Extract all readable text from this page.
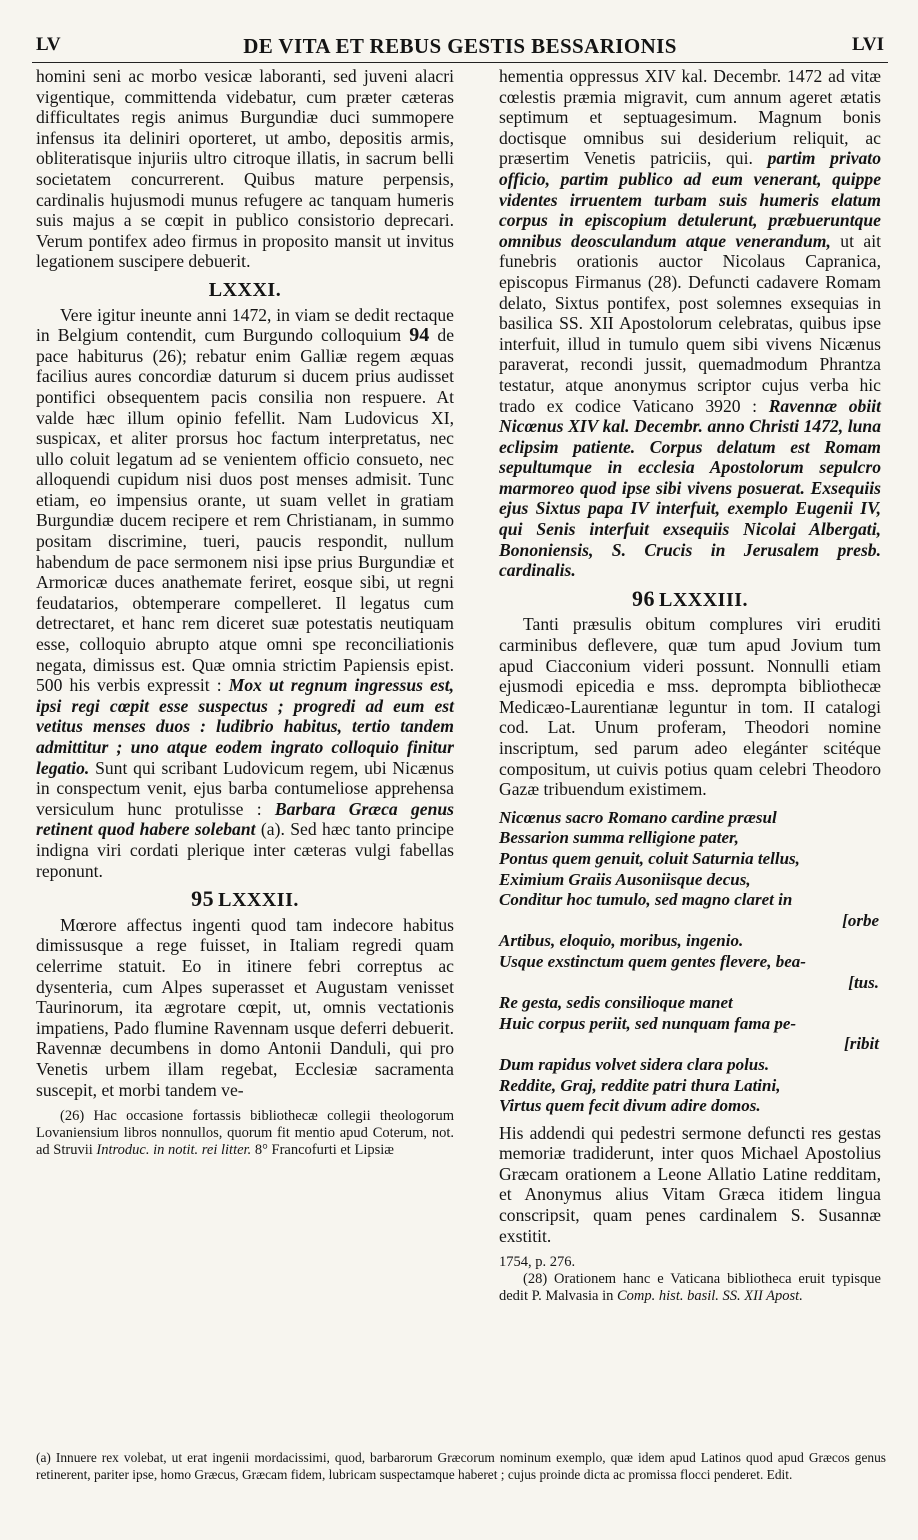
LV	DE VITA ET REBUS GESTIS BESSARIONIS	LVI

homini seni ac morbo vesicæ laboranti, sed juveni alacri vigentique, committenda videbatur, cum præter cæteras difficultates regis animus Burgundiæ duci summopere infensus ita deliniri oporteret, ut ambo, depositis armis, obliteratisque injuriis ultro citroque illatis, in sacrum belli societatem concurrerent. Quibus mature perpensis, cardinalis hujusmodi munus refugere ac tanquam humeris suis majus a se cœpit in publico consistorio deprecari. Verum pontifex adeo firmus in proposito mansit ut invitus legationem suscipere debuerit.

LXXXI.

Vere igitur ineunte anni 1472, in viam se dedit rectaque in Belgium contendit, cum Burgundo colloquium 94 de pace habiturus (26); rebatur enim Galliæ regem æquas facilius aures concordiæ daturum si ducem prius audisset pontifici obsequentem pacis consilia non respuere. At valde hæc illum opinio fefellit. Nam Ludovicus XI, suspicax, et aliter prorsus hoc factum interpretatus, nec ullo coluit legatum ad se venientem officio consueto, nec alloquendi cupidum nisi duos post menses admisit. Tunc etiam, eo impensius orante, ut suam vellet in gratiam Burgundiæ ducem recipere et rem Christianam, in summo positam discrimine, tueri, paucis respondit, nullum habendum de pace sermonem nisi ipse prius Burgundiæ et Armoricæ duces anathemate feriret, eosque sibi, ut regni feudatarios, obtemperare compelleret. Il legatus cum detrectaret, et hanc rem diceret suæ potestatis neutiquam esse, colloquio abrupto atque omni spe reconciliationis negata, dimissus est. Quæ omnia strictim Papiensis epist. 500 his verbis expressit : Mox ut regnum ingressus est, ipsi regi cœpit esse suspectus ; progredi ad eum est vetitus menses duos : ludibrio habitus, tertio tandem admittitur ; uno atque eodem ingrato colloquio finitur legatio. Sunt qui scribant Ludovicum regem, ubi Nicænus in conspectum venit, ejus barba contumeliose apprehensa versiculum hunc protulisse : Barbara Græca genus retinent quod habere solebant (a). Sed hæc tanto principe indigna viri cordati plerique inter cæteras vulgi fabellas reponunt.

95 LXXXII.

Mœrore affectus ingenti quod tam indecore habitus dimissusque a rege fuisset, in Italiam regredi quam celerrime statuit. Eo in itinere febri correptus ac dysenteria, cum Alpes superasset et Augustam venisset Taurinorum, ita ægrotare cœpit, ut, omnis vectationis impatiens, Pado flumine Ravennam usque deferri debuerit. Ravennæ decumbens in domo Antonii Danduli, qui pro Venetis urbem illam regebat, Ecclesiæ sacramenta suscepit, et morbi tandem ve-

(26) Hac occasione fortassis bibliothecæ collegii theologorum Lovaniensium libros nonnullos, quorum fit mentio apud Coterum, not. ad Struvii Introduc. in notit. rei litter. 8° Francofurti et Lipsiæ

hementia oppressus XIV kal. Decembr. 1472 ad vitæ cœlestis præmia migravit, cum annum ageret ætatis septimum et septuagesimum. Magnum bonis doctisque omnibus sui desiderium reliquit, ac præsertim Venetis patriciis, qui. partim privato officio, partim publico ad eum venerant, quippe videntes irruentem turbam suis humeris elatum corpus in episcopium detulerunt, præbueruntque omnibus deosculandum atque venerandum, ut ait funebris orationis auctor Nicolaus Capranica, episcopus Firmanus (28). Defuncti cadavere Romam delato, Sixtus pontifex, post solemnes exsequias in basilica SS. XII Apostolorum celebratas, quibus ipse interfuit, illud in tumulo quem sibi vivens Nicænus paraverat, recondi jussit, quemadmodum Phrantza testatur, atque anonymus scriptor cujus verba hic trado ex codice Vaticano 3920 : Ravennæ obiit Nicœnus XIV kal. Decembr. anno Christi 1472, luna eclipsim patiente. Corpus delatum est Romam sepultumque in ecclesia Apostolorum sepulcro marmoreo quod ipse sibi vivens posuerat. Exsequiis ejus Sixtus papa IV interfuit, exemplo Eugenii IV, qui Senis interfuit exsequiis Nicolai Albergati, Bononiensis, S. Crucis in Jerusalem presb. cardinalis.

96 LXXXIII.

Tanti præsulis obitum complures viri eruditi carminibus deflevere, quæ tum apud Jovium tum apud Ciacconium videri possunt. Nonnulli etiam ejusmodi epicedia e mss. deprompta bibliothecæ Medicæo-Laurentianæ leguntur in tom. II catalogi cod. Lat. Unum proferam, Theodori nomine inscriptum, sed parum adeo elegánter scitéque compositum, ut cuivis potius quam celebri Theodoro Gazæ tribuendum existimem.

Nicœnus sacro Romano cardine præsul
Bessarion summa relligione pater,
Pontus quem genuit, coluit Saturnia tellus,
Eximium Graiis Ausoniisque decus,
Conditur hoc tumulo, sed magno claret in
[orbe
Artibus, eloquio, moribus, ingenio.
Usque exstinctum quem gentes flevere, bea-
[tus.
Re gesta, sedis consilioque manet
Huic corpus periit, sed nunquam fama pe-
[ribit
Dum rapidus volvet sidera clara polus.
Reddite, Graj, reddite patri thura Latini,
Virtus quem fecit divum adire domos.

His addendi qui pedestri sermone defuncti res gestas memoriæ tradiderunt, inter quos Michael Apostolius Græcam orationem a Leone Allatio Latine redditam, et Anonymus alius Vitam Græca itidem lingua conscripsit, quam penes cardinalem S. Susannæ exstitit.

1754, p. 276.

(28) Orationem hanc e Vaticana bibliotheca eruit typisque dedit P. Malvasia in Comp. hist. basil. SS. XII Apost.

(a) Innuere rex volebat, ut erat ingenii mordacissimi, quod, barbarorum Græcorum nominum exemplo, quæ idem apud Latinos quod apud Græcos genus retinerent, pariter ipse, homo Græcus, Græcam fidem, lubricam suspectamque haberet ; cujus proinde dicta ac promissa flocci penderet. Edit.
